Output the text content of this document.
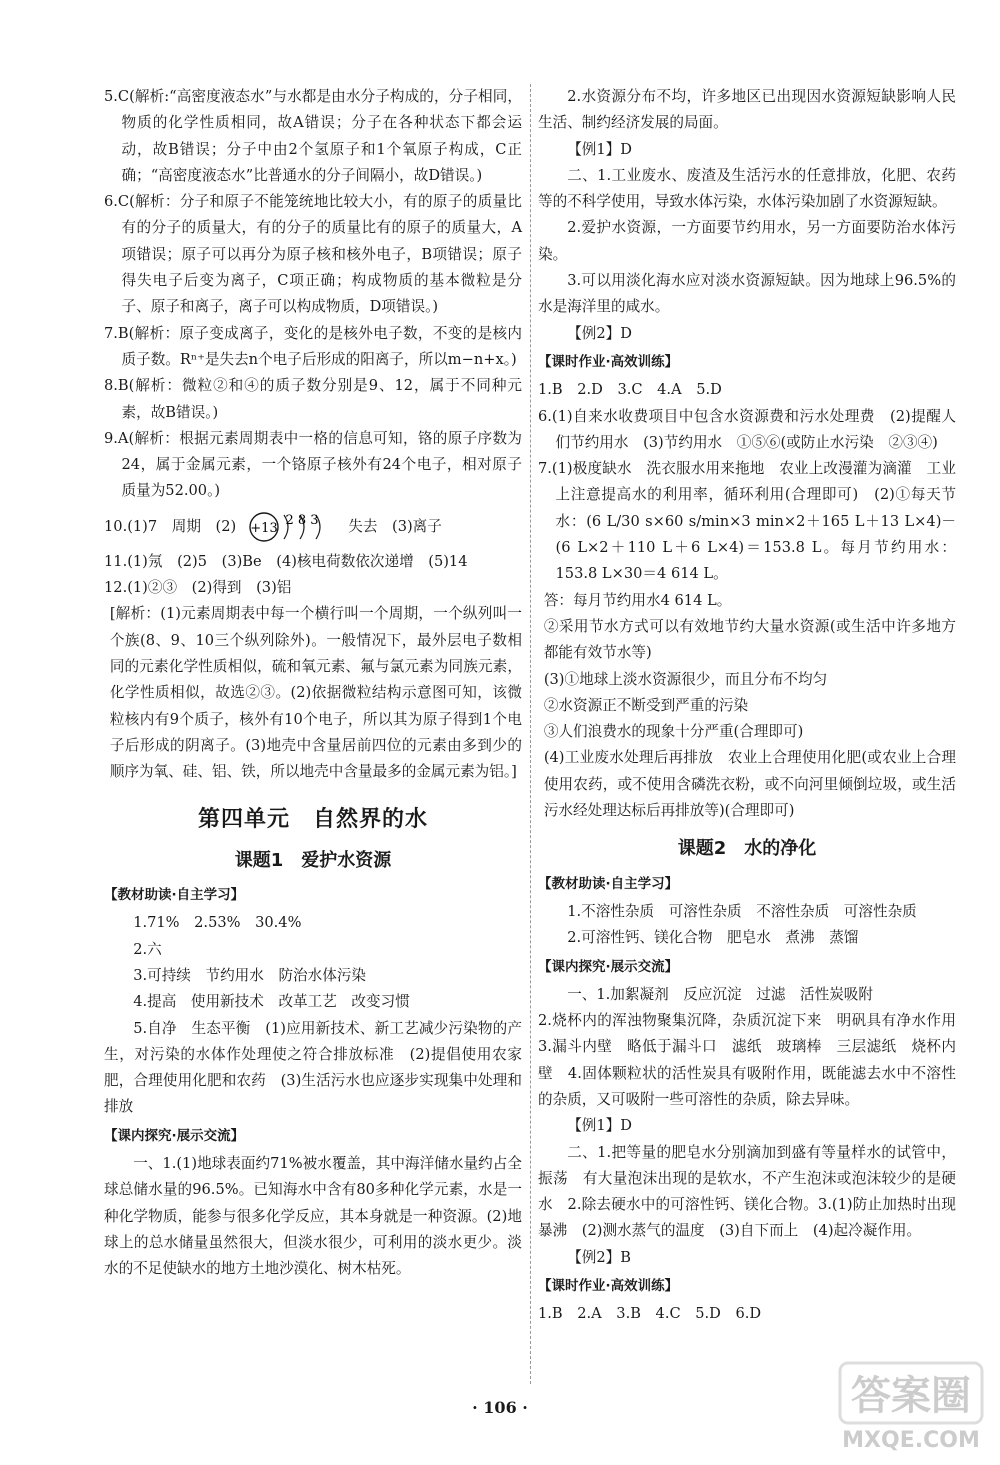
5.C(解析:“高密度液态水”与水都是由水分子构成的，分子相同，物质的化学性质相同，故A错误；分子在各种状态下都会运动，故B错误；分子中由2个氢原子和1个氧原子构成，C正确；“高密度液态水”比普通水的分子间隔小，故D错误。)

6.C(解析：分子和原子不能笼统地比较大小，有的原子的质量比有的分子的质量大，有的分子的质量比有的原子的质量大，A项错误；原子可以再分为原子核和核外电子，B项错误；原子得失电子后变为离子，C项正确；构成物质的基本微粒是分子、原子和离子，离子可以构成物质，D项错误。)

7.B(解析：原子变成离子，变化的是核外电子数，不变的是核内质子数。Rⁿ⁺是失去n个电子后形成的阳离子，所以m−n+x。)

8.B(解析：微粒②和④的质子数分别是9、12，属于不同种元素，故B错误。)

9.A(解析：根据元素周期表中一格的信息可知，铬的原子序数为24，属于金属元素，一个铬原子核外有24个电子，相对原子质量为52.00。)

10.(1)7　周期　(2) +13
2 8 3 失去　(3)离子

11.(1)氖　(2)5　(3)Be　(4)核电荷数依次递增　(5)14

12.(1)②③　(2)得到　(3)铝

[解析：(1)元素周期表中每一个横行叫一个周期，一个纵列叫一个族(8、9、10三个纵列除外)。一般情况下，最外层电子数相同的元素化学性质相似，硫和氧元素、氟与氯元素为同族元素，化学性质相似，故选②③。(2)依据微粒结构示意图可知，该微粒核内有9个质子，核外有10个电子，所以其为原子得到1个电子后形成的阴离子。(3)地壳中含量居前四位的元素由多到少的顺序为氧、硅、铝、铁，所以地壳中含量最多的金属元素为铝。]

第四单元　自然界的水
课题1　爱护水资源
【教材助读·自主学习】

1.71%　2.53%　30.4%

2.六

3.可持续　节约用水　防治水体污染

4.提高　使用新技术　改革工艺　改变习惯

5.自净　生态平衡　(1)应用新技术、新工艺减少污染物的产生，对污染的水体作处理使之符合排放标准　(2)提倡使用农家肥，合理使用化肥和农药　(3)生活污水也应逐步实现集中处理和排放

【课内探究·展示交流】

一、1.(1)地球表面约71%被水覆盖，其中海洋储水量约占全球总储水量的96.5%。已知海水中含有80多种化学元素，水是一种化学物质，能参与很多化学反应，其本身就是一种资源。(2)地球上的总水储量虽然很大，但淡水很少，可利用的淡水更少。淡水的不足使缺水的地方土地沙漠化、树木枯死。

2.水资源分布不均，许多地区已出现因水资源短缺影响人民生活、制约经济发展的局面。

【例1】D

二、1.工业废水、废渣及生活污水的任意排放，化肥、农药等的不科学使用，导致水体污染，水体污染加剧了水资源短缺。

2.爱护水资源，一方面要节约用水，另一方面要防治水体污染。

3.可以用淡化海水应对淡水资源短缺。因为地球上96.5%的水是海洋里的咸水。

【例2】D

【课时作业·高效训练】

1.B　2.D　3.C　4.A　5.D

6.(1)自来水收费项目中包含水资源费和污水处理费　(2)提醒人们节约用水　(3)节约用水　①⑤⑥(或防止水污染　②③④)

7.(1)极度缺水　洗衣服水用来拖地　农业上改漫灌为滴灌　工业上注意提高水的利用率，循环利用(合理即可)　(2)①每天节水：(6 L/30 s×60 s/min×3 min×2＋165 L＋13 L×4)－(6 L×2＋110 L＋6 L×4)＝153.8 L。每月节约用水：153.8 L×30＝4 614 L。

答：每月节约用水4 614 L。

②采用节水方式可以有效地节约大量水资源(或生活中许多地方都能有效节水等)

(3)①地球上淡水资源很少，而且分布不均匀

②水资源正不断受到严重的污染

③人们浪费水的现象十分严重(合理即可)

(4)工业废水处理后再排放　农业上合理使用化肥(或农业上合理使用农药，或不使用含磷洗衣粉，或不向河里倾倒垃圾，或生活污水经处理达标后再排放等)(合理即可)

课题2　水的净化
【教材助读·自主学习】

1.不溶性杂质　可溶性杂质　不溶性杂质　可溶性杂质

2.可溶性钙、镁化合物　肥皂水　煮沸　蒸馏

【课内探究·展示交流】

一、1.加絮凝剂　反应沉淀　过滤　活性炭吸附

2.烧杯内的浑浊物聚集沉降，杂质沉淀下来　明矾具有净水作用　3.漏斗内壁　略低于漏斗口　滤纸　玻璃棒　三层滤纸　烧杯内壁　4.固体颗粒状的活性炭具有吸附作用，既能滤去水中不溶性的杂质，又可吸附一些可溶性的杂质，除去异味。

【例1】D

二、1.把等量的肥皂水分别滴加到盛有等量样水的试管中，振荡　有大量泡沫出现的是软水，不产生泡沫或泡沫较少的是硬水　2.除去硬水中的可溶性钙、镁化合物。3.(1)防止加热时出现暴沸　(2)测水蒸气的温度　(3)自下而上　(4)起冷凝作用。

【例2】B

【课时作业·高效训练】

1.B　2.A　3.B　4.C　5.D　6.D

· 106 ·	答案圈
MXQE.COM
